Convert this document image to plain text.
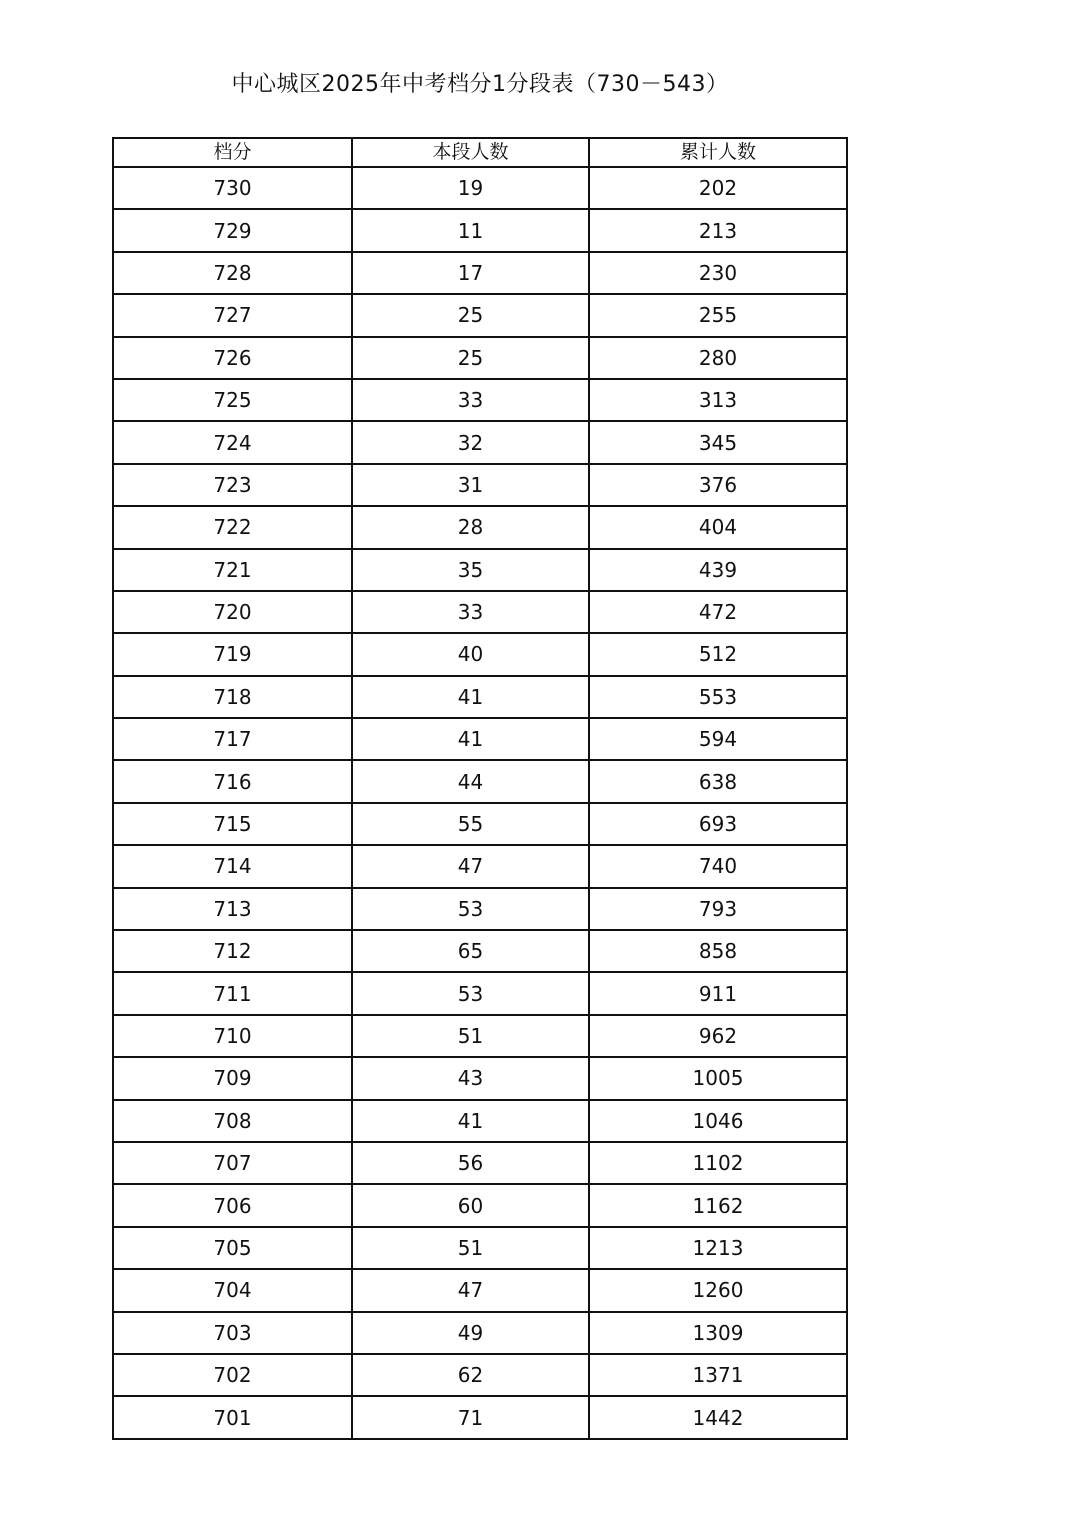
中心城区2025年中考档分1分段表（730－543）
档分	本段人数	累计人数
730	19	202
729	11	213
728	17	230
727	25	255
726	25	280
725	33	313
724	32	345
723	31	376
722	28	404
721	35	439
720	33	472
719	40	512
718	41	553
717	41	594
716	44	638
715	55	693
714	47	740
713	53	793
712	65	858
711	53	911
710	51	962
709	43	1005
708	41	1046
707	56	1102
706	60	1162
705	51	1213
704	47	1260
703	49	1309
702	62	1371
701	71	1442
